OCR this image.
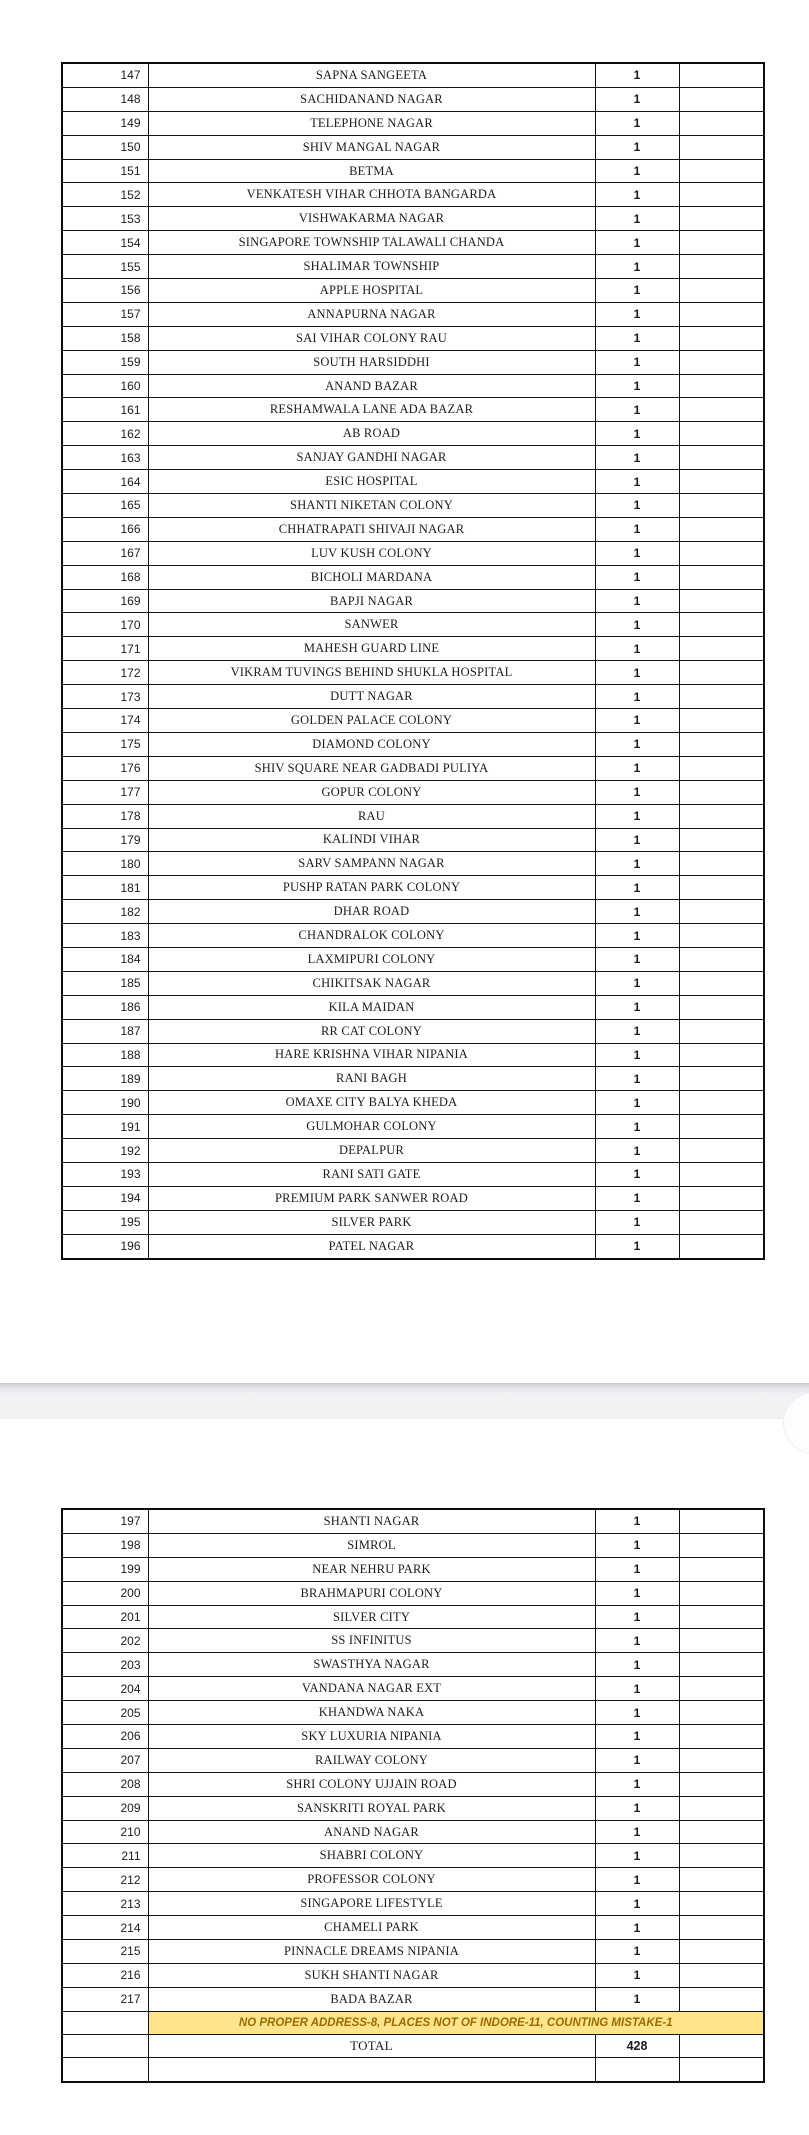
147	SAPNA SANGEETA	1	
148	SACHIDANAND NAGAR	1	
149	TELEPHONE NAGAR	1	
150	SHIV MANGAL NAGAR	1	
151	BETMA	1	
152	VENKATESH VIHAR CHHOTA BANGARDA	1	
153	VISHWAKARMA NAGAR	1	
154	SINGAPORE TOWNSHIP TALAWALI CHANDA	1	
155	SHALIMAR TOWNSHIP	1	
156	APPLE HOSPITAL	1	
157	ANNAPURNA NAGAR	1	
158	SAI VIHAR COLONY RAU	1	
159	SOUTH HARSIDDHI	1	
160	ANAND BAZAR	1	
161	RESHAMWALA LANE ADA BAZAR	1	
162	AB ROAD	1	
163	SANJAY GANDHI NAGAR	1	
164	ESIC HOSPITAL	1	
165	SHANTI NIKETAN COLONY	1	
166	CHHATRAPATI SHIVAJI NAGAR	1	
167	LUV KUSH COLONY	1	
168	BICHOLI MARDANA	1	
169	BAPJI NAGAR	1	
170	SANWER	1	
171	MAHESH GUARD LINE	1	
172	VIKRAM TUVINGS BEHIND SHUKLA HOSPITAL	1	
173	DUTT NAGAR	1	
174	GOLDEN PALACE COLONY	1	
175	DIAMOND COLONY	1	
176	SHIV SQUARE NEAR GADBADI PULIYA	1	
177	GOPUR COLONY	1	
178	RAU	1	
179	KALINDI VIHAR	1	
180	SARV SAMPANN NAGAR	1	
181	PUSHP RATAN PARK COLONY	1	
182	DHAR ROAD	1	
183	CHANDRALOK COLONY	1	
184	LAXMIPURI COLONY	1	
185	CHIKITSAK NAGAR	1	
186	KILA MAIDAN	1	
187	RR CAT COLONY	1	
188	HARE KRISHNA VIHAR NIPANIA	1	
189	RANI BAGH	1	
190	OMAXE CITY BALYA KHEDA	1	
191	GULMOHAR COLONY	1	
192	DEPALPUR	1	
193	RANI SATI GATE	1	
194	PREMIUM PARK SANWER ROAD	1	
195	SILVER PARK	1	
196	PATEL NAGAR	1	
197	SHANTI NAGAR	1	
198	SIMROL	1	
199	NEAR NEHRU PARK	1	
200	BRAHMAPURI COLONY	1	
201	SILVER CITY	1	
202	SS INFINITUS	1	
203	SWASTHYA NAGAR	1	
204	VANDANA NAGAR EXT	1	
205	KHANDWA NAKA	1	
206	SKY LUXURIA NIPANIA	1	
207	RAILWAY COLONY	1	
208	SHRI COLONY UJJAIN ROAD	1	
209	SANSKRITI ROYAL PARK	1	
210	ANAND NAGAR	1	
211	SHABRI COLONY	1	
212	PROFESSOR COLONY	1	
213	SINGAPORE LIFESTYLE	1	
214	CHAMELI PARK	1	
215	PINNACLE DREAMS NIPANIA	1	
216	SUKH SHANTI NAGAR	1	
217	BADA BAZAR	1	
	NO PROPER ADDRESS-8, PLACES NOT OF INDORE-11, COUNTING MISTAKE-1		
	TOTAL	428	
